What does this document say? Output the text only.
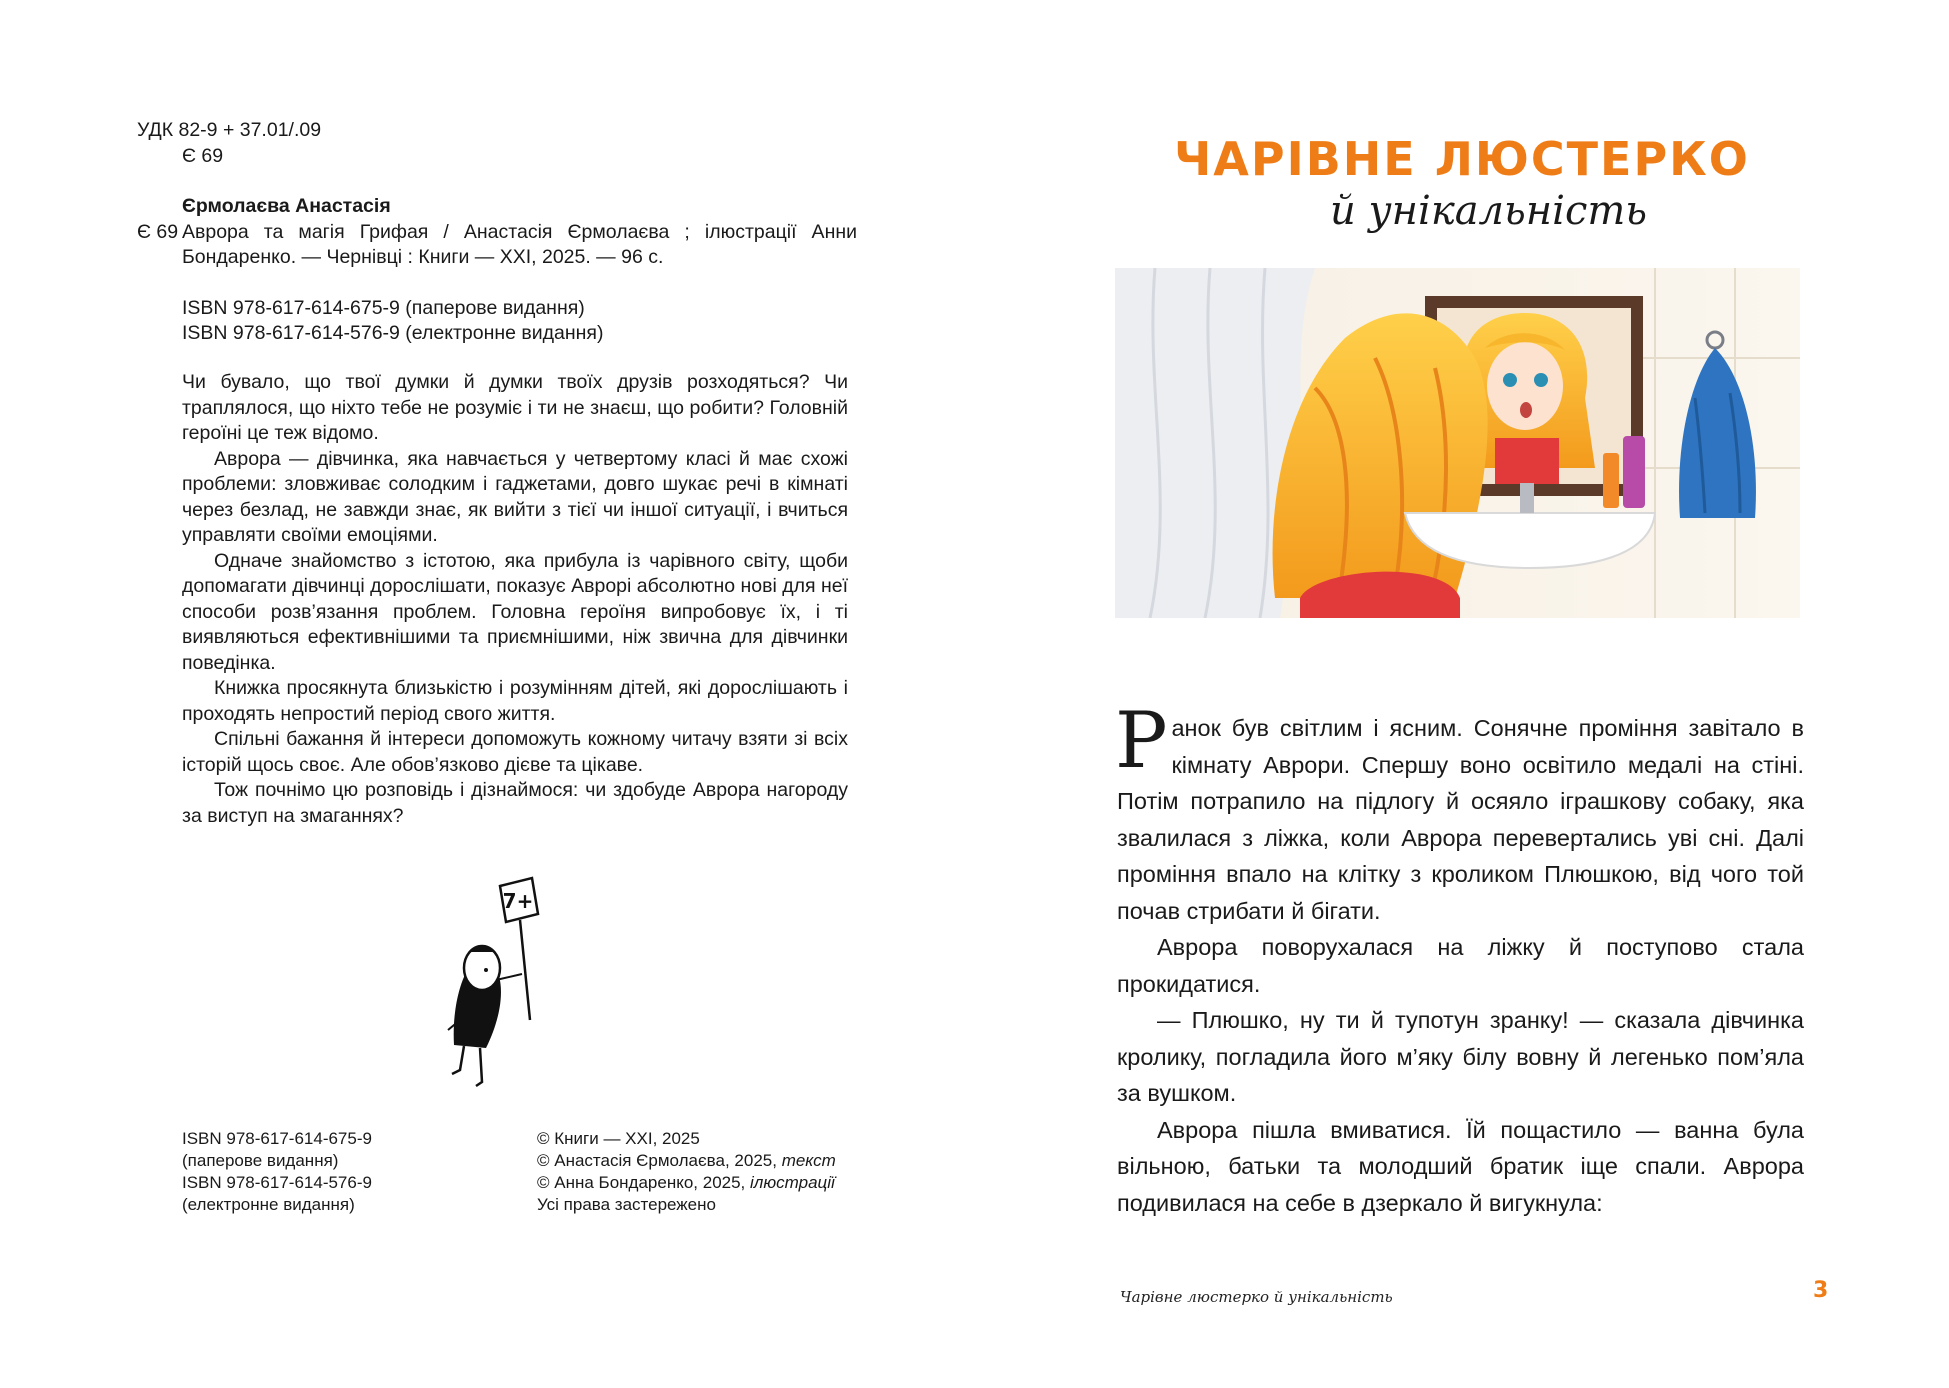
УДК 82-9 + 37.01/.09
Є 69
Єрмолаєва Анастасія
Є 69 Аврора та магія Грифая / Анастасія Єрмолаєва ; ілюстрації Анни Бондаренко. — Чернівці : Книги — XXI, 2025. — 96 с.
ISBN 978-617-614-675-9 (паперове видання)
ISBN 978-617-614-576-9 (електронне видання)

Чи бувало, що твої думки й думки твоїх друзів розходяться? Чи траплялося, що ніхто тебе не розуміє і ти не знаєш, що робити? Головній героїні це теж відомо.

Аврора — дівчинка, яка навчається у четвертому класі й має схожі проблеми: зловживає солодким і гаджетами, довго шукає речі в кімнаті через безлад, не завжди знає, як вийти з тієї чи іншої ситуації, і вчиться управляти своїми емоціями.

Одначе знайомство з істотою, яка прибула із чарівного світу, щоби допомагати дівчинці дорослішати, показує Аврорі абсолютно нові для неї способи розв’язання проблем. Головна героїня випробовує їх, і ті виявляються ефективнішими та приємнішими, ніж звична для дівчинки поведінка.

Книжка просякнута близькістю і розумінням дітей, які дорослішають і проходять непростий період свого життя.

Спільні бажання й інтереси допоможуть кожному читачу взяти зі всіх історій щось своє. Але обов’язково дієве та цікаве.

Тож почнімо цю розповідь і дізнаймося: чи здобуде Аврора нагороду за виступ на змаганнях?

7+
ISBN 978-617-614-675-9
(паперове видання)
ISBN 978-617-614-576-9
(електронне видання)
© Книги — XXI, 2025
© Анастасія Єрмолаєва, 2025, текст
© Анна Бондаренко, 2025, ілюстрації
Усі права застережено
ЧАРІВНЕ ЛЮСТЕРКО
й унікальність

Ранок був світлим і ясним. Сонячне проміння завітало в кімнату Аврори. Спершу воно освітило медалі на стіні. Потім потрапило на підлогу й осяяло іграшкову собаку, яка звалилася з ліжка, коли Аврора перевертались уві сні. Далі проміння впало на клітку з кроликом Плюшкою, від чого той почав стрибати й бігати.

Аврора поворухалася на ліжку й поступово стала прокидатися.

— Плюшко, ну ти й тупотун зранку! — сказала дівчинка кролику, погладила його м’яку білу вовну й легенько пом’яла за вушком.

Аврора пішла вмиватися. Їй пощастило — ванна була вільною, батьки та молодший братик іще спали. Аврора подивилася на себе в дзеркало й вигукнула:

Чарівне люстерко й унікальність	3
